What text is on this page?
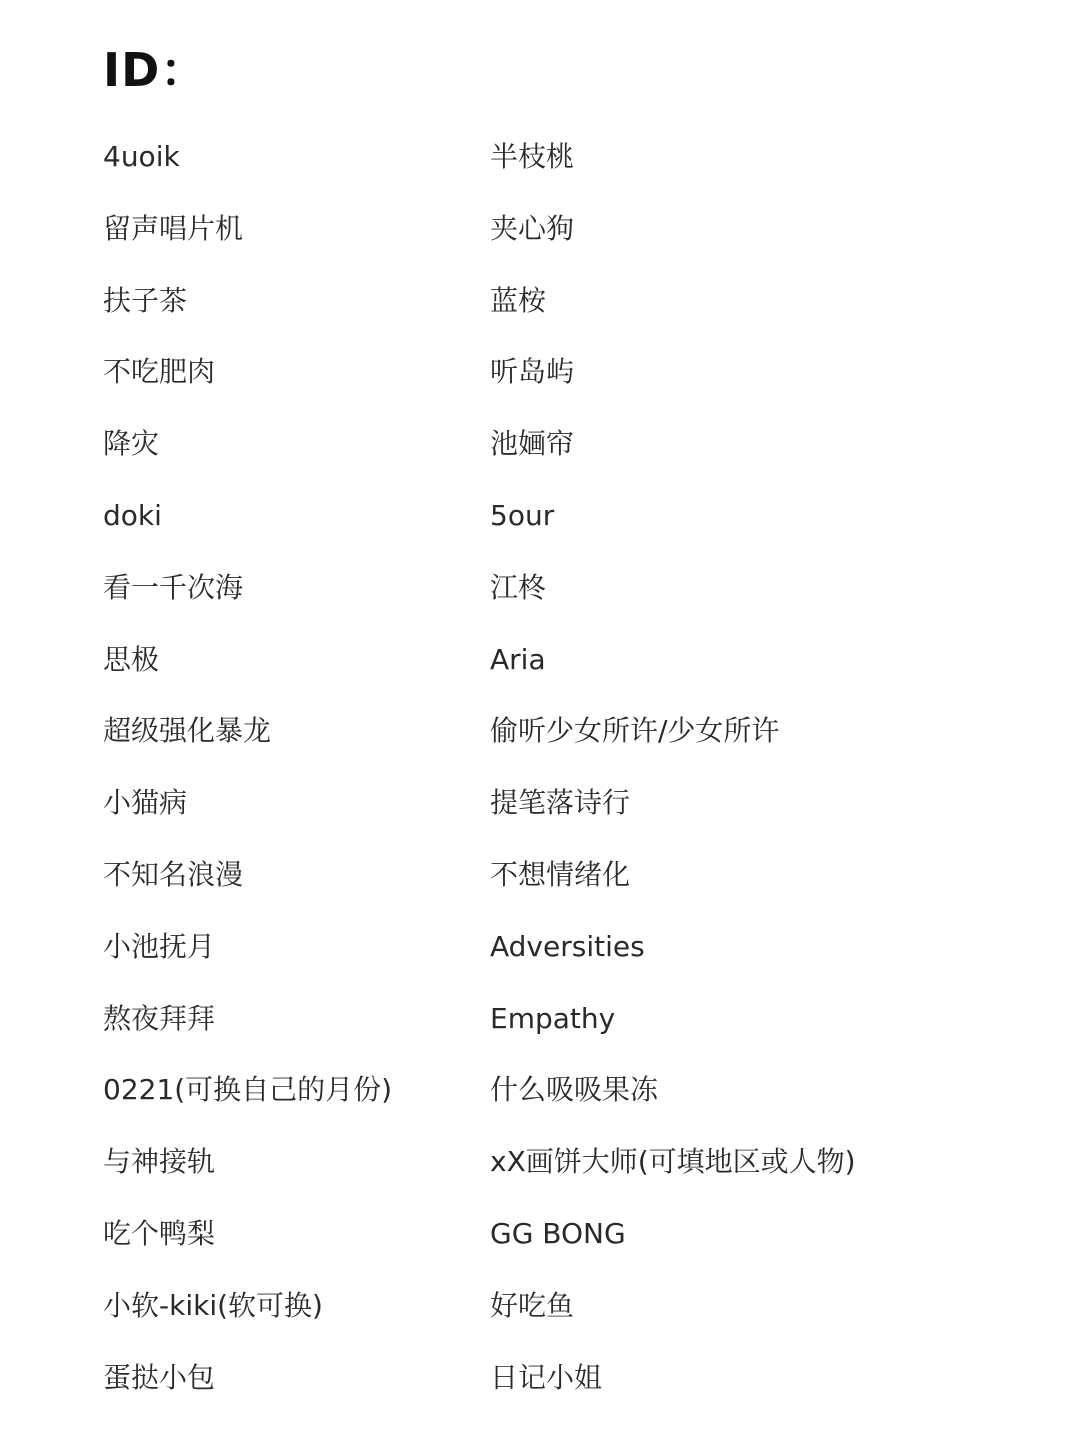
ID：
4uoik
留声唱片机
扶子茶
不吃肥肉
降灾
doki
看一千次海
思极
超级强化暴龙
小猫病
不知名浪漫
小池抚月
熬夜拜拜
0221(可换自己的月份)
与神接轨
吃个鸭梨
小软-kiki(软可换)
蛋挞小包
半枝桃
夹心狗
蓝桉
听岛屿
池婳帘
5our
江柊
Aria
偷听少女所许/少女所许
提笔落诗行
不想情绪化
Adversities
Empathy
什么吸吸果冻
xX画饼大师(可填地区或人物)
GG BONG
好吃鱼
日记小姐
